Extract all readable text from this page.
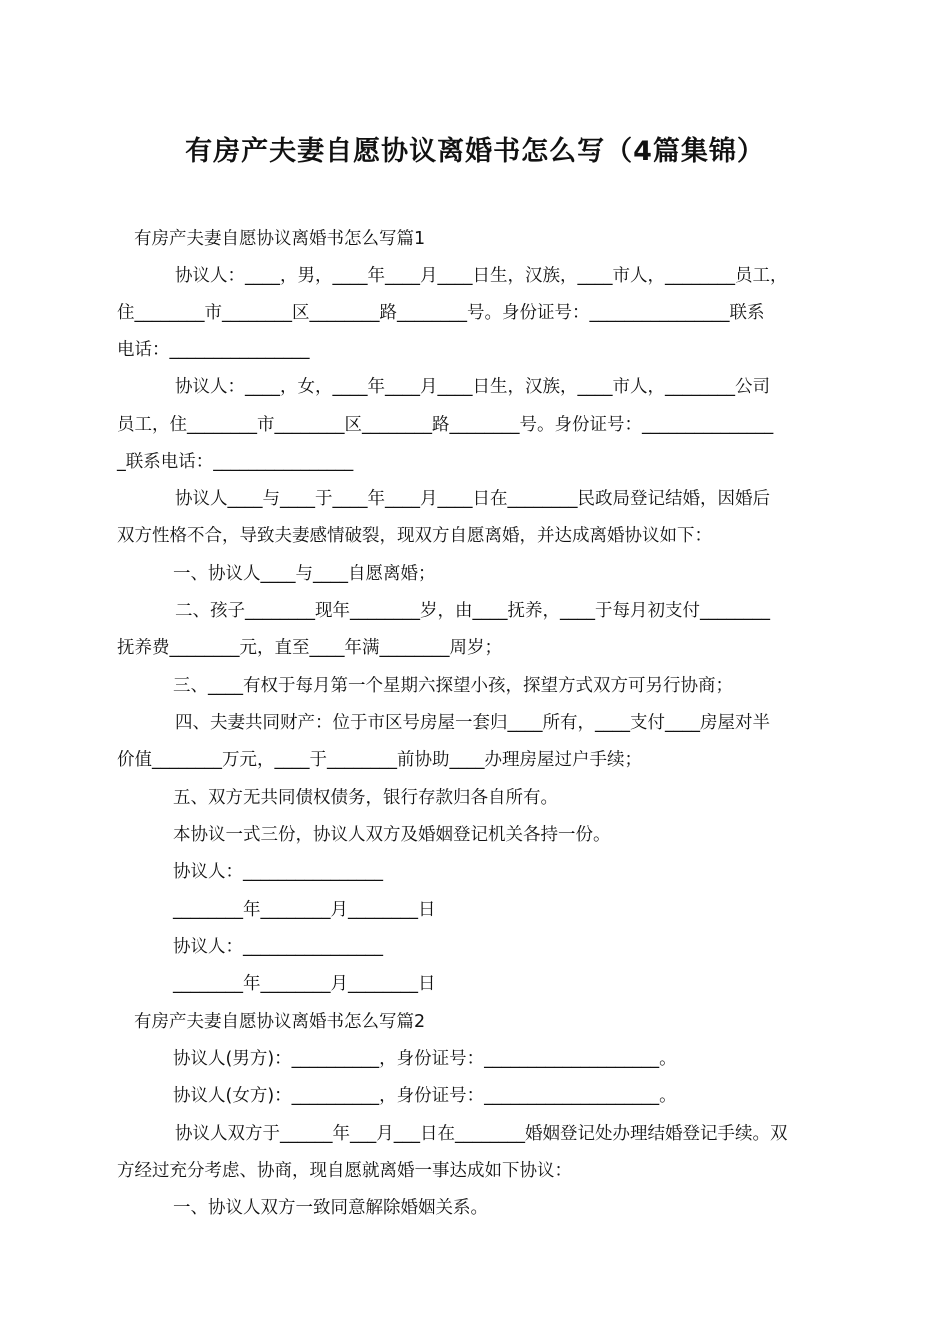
有房产夫妻自愿协议离婚书怎么写（4篇集锦）
有房产夫妻自愿协议离婚书怎么写篇1
协议人：____，男，____年____月____日生，汉族，____市人，________员工，
住________市________区________路________号。身份证号：________________联系
电话：________________
协议人：____，女，____年____月____日生，汉族，____市人，________公司
员工，住________市________区________路________号。身份证号：_______________
_联系电话：________________
协议人____与____于____年____月____日在________民政局登记结婚，因婚后
双方性格不合，导致夫妻感情破裂，现双方自愿离婚，并达成离婚协议如下：
一、协议人____与____自愿离婚；
二、孩子________现年________岁，由____抚养，____于每月初支付________
抚养费________元，直至____年满________周岁；
三、____有权于每月第一个星期六探望小孩，探望方式双方可另行协商；
四、夫妻共同财产：位于市区号房屋一套归____所有，____支付____房屋对半
价值________万元，____于________前协助____办理房屋过户手续；
五、双方无共同债权债务，银行存款归各自所有。
本协议一式三份，协议人双方及婚姻登记机关各持一份。
协议人：________________
________年________月________日
协议人：________________
________年________月________日
有房产夫妻自愿协议离婚书怎么写篇2
协议人(男方)：__________，身份证号：____________________。
协议人(女方)：__________，身份证号：____________________。
协议人双方于______年___月___日在________婚姻登记处办理结婚登记手续。双
方经过充分考虑、协商，现自愿就离婚一事达成如下协议：
一、协议人双方一致同意解除婚姻关系。
